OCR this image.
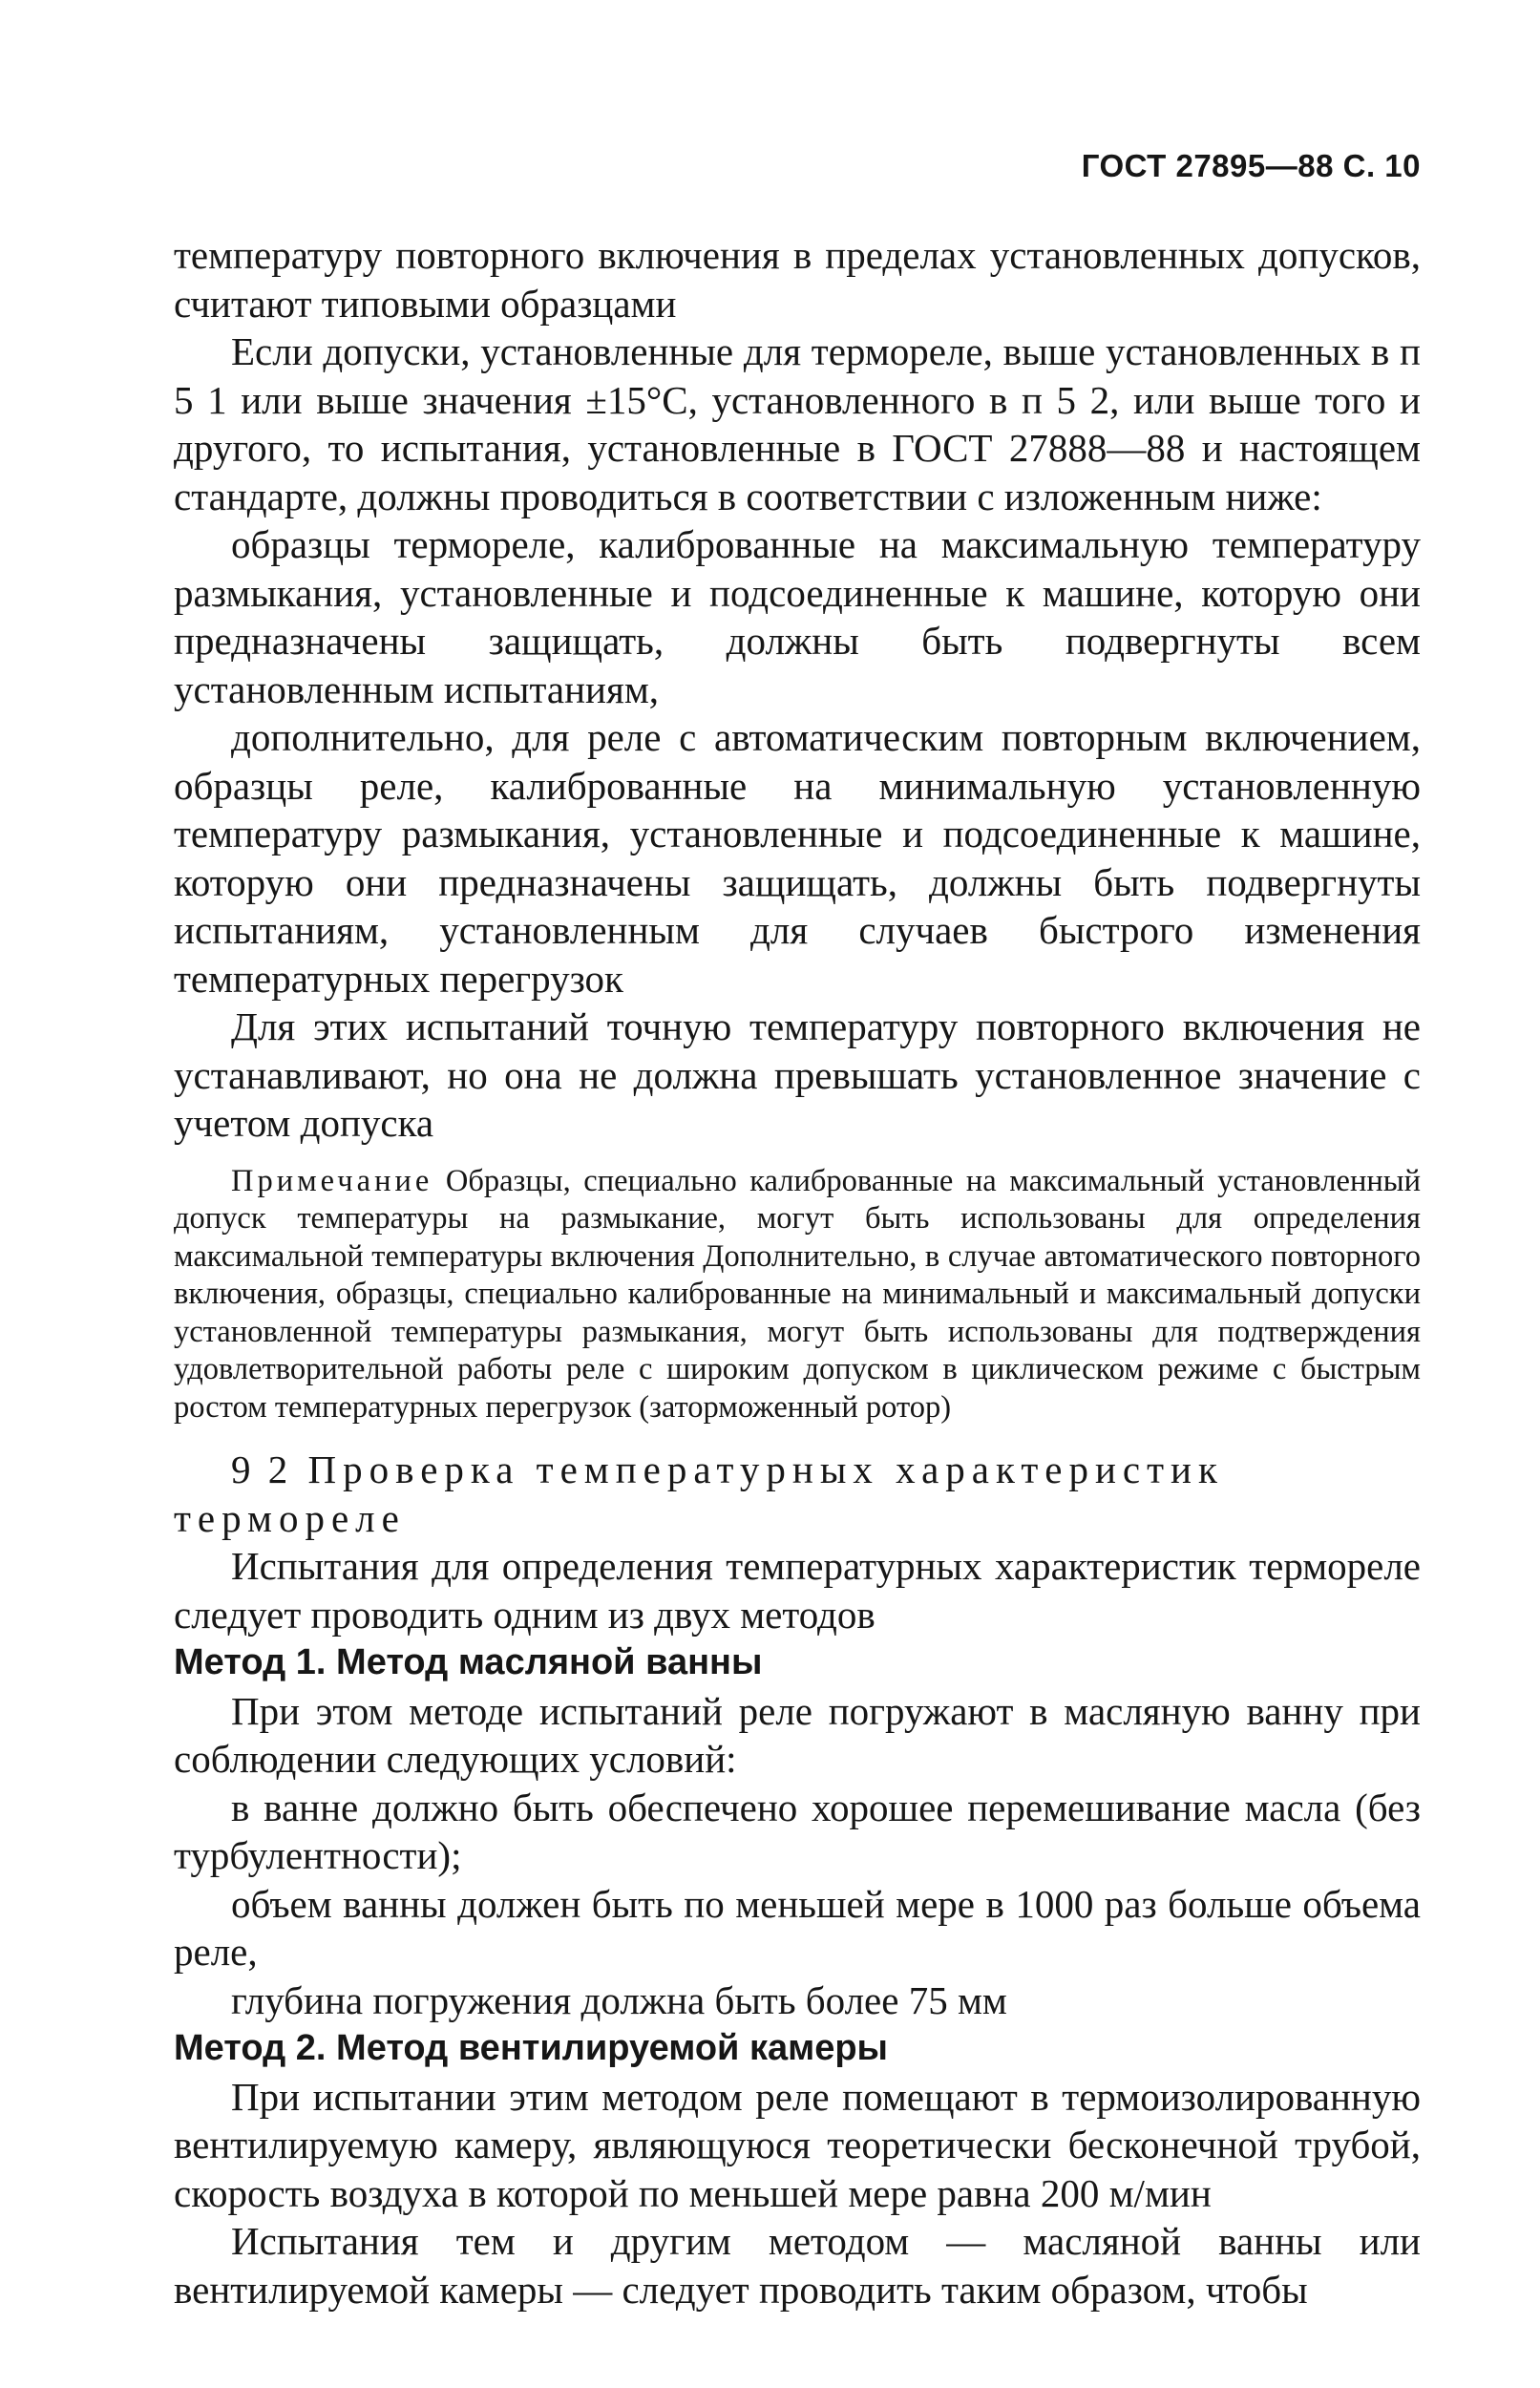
ГОСТ 27895—88 С. 10

температуру повторного включения в пределах установленных допусков, считают типовыми образцами

Если допуски, установленные для термореле, выше установленных в п 5 1 или выше значения ±15°С, установленного в п 5 2, или выше того и другого, то испытания, установленные в ГОСТ 27888—88 и настоящем стандарте, должны проводиться в соответствии с изложенным ниже:

образцы термореле, калиброванные на максимальную температуру размыкания, установленные и подсоединенные к машине, которую они предназначены защищать, должны быть подвергнуты всем установленным испытаниям,

дополнительно, для реле с автоматическим повторным включением, образцы реле, калиброванные на минимальную установленную температуру размыкания, установленные и подсоединенные к машине, которую они предназначены защищать, должны быть подвергнуты испытаниям, установленным для случаев быстрого изменения температурных перегрузок

Для этих испытаний точную температуру повторного включения не устанавливают, но она не должна превышать установленное значение с учетом допуска

Примечание Образцы, специально калиброванные на максимальный установленный допуск температуры на размыкание, могут быть использованы для определения максимальной температуры включения Дополнительно, в случае автоматического повторного включения, образцы, специально калиброванные на минимальный и максимальный допуски установленной температуры размыкания, могут быть использованы для подтверждения удовлетворительной работы реле с широким допуском в циклическом режиме с быстрым ростом температурных перегрузок (заторможенный ротор)

9 2 Проверка температурных характеристик термореле

Испытания для определения температурных характеристик термореле следует проводить одним из двух методов

Метод 1. Метод масляной ванны

При этом методе испытаний реле погружают в масляную ванну при соблюдении следующих условий:

в ванне должно быть обеспечено хорошее перемешивание масла (без турбулентности);

объем ванны должен быть по меньшей мере в 1000 раз больше объема реле,

глубина погружения должна быть более 75 мм

Метод 2. Метод вентилируемой камеры

При испытании этим методом реле помещают в термоизолированную вентилируемую камеру, являющуюся теоретически бесконечной трубой, скорость воздуха в которой по меньшей мере равна 200 м/мин

Испытания тем и другим методом — масляной ванны или вентилируемой камеры — следует проводить таким образом, чтобы
